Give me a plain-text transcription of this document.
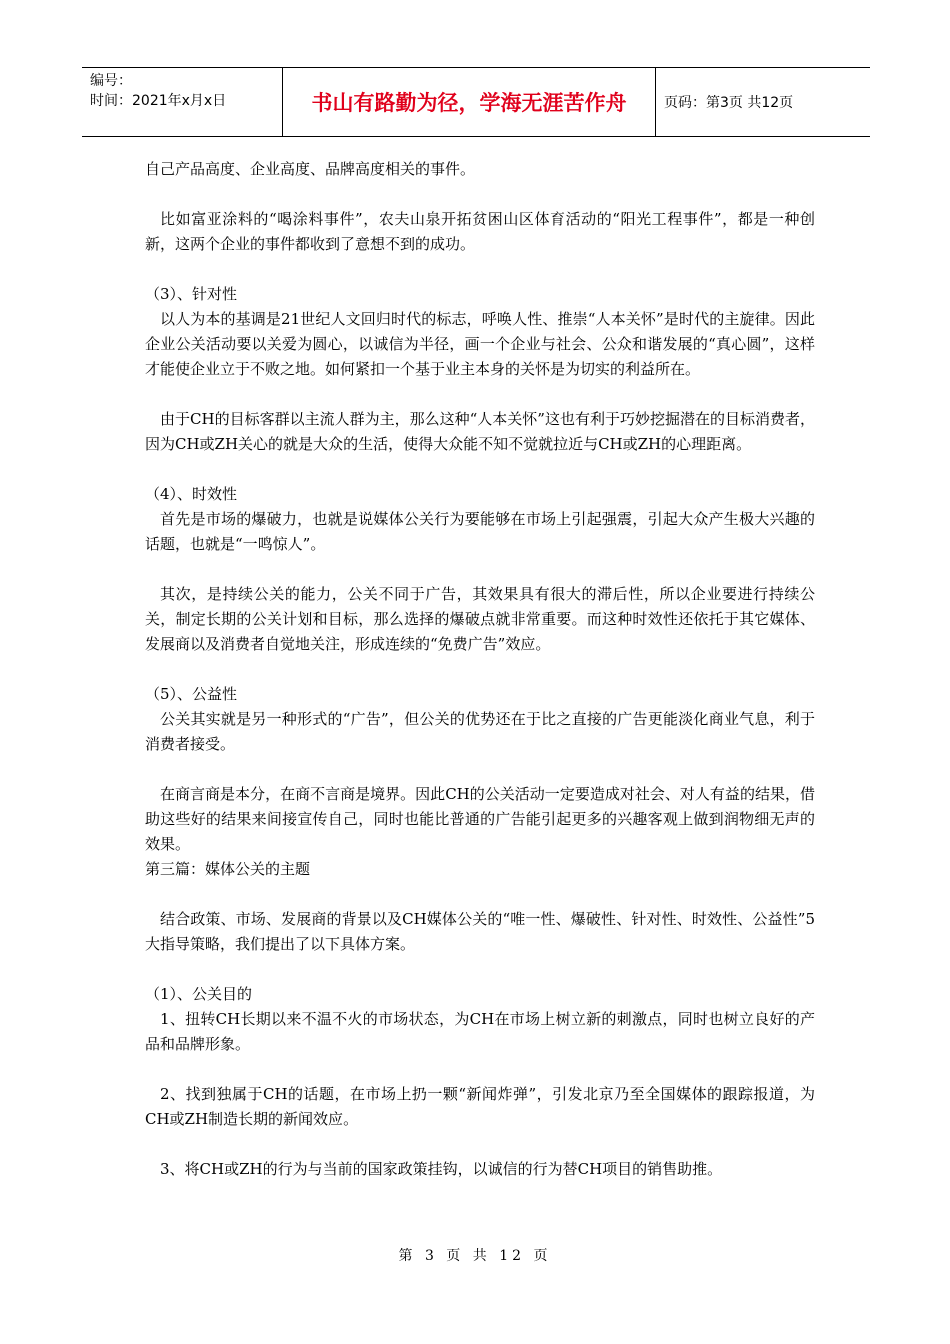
编号：
时间：2021年x月x日	书山有路勤为径，学海无涯苦作舟	页码：第3页 共12页

自己产品高度、企业高度、品牌高度相关的事件。

比如富亚涂料的“喝涂料事件”，农夫山泉开拓贫困山区体育活动的“阳光工程事件”，都是一种创新，这两个企业的事件都收到了意想不到的成功。

（3）、针对性

以人为本的基调是21世纪人文回归时代的标志，呼唤人性、推崇“人本关怀”是时代的主旋律。因此企业公关活动要以关爱为圆心，以诚信为半径，画一个企业与社会、公众和谐发展的“真心圆”，这样才能使企业立于不败之地。如何紧扣一个基于业主本身的关怀是为切实的利益所在。

由于CH的目标客群以主流人群为主，那么这种“人本关怀”这也有利于巧妙挖掘潜在的目标消费者，因为CH或ZH关心的就是大众的生活，使得大众能不知不觉就拉近与CH或ZH的心理距离。

（4）、时效性

首先是市场的爆破力，也就是说媒体公关行为要能够在市场上引起强震，引起大众产生极大兴趣的话题，也就是“一鸣惊人”。

其次，是持续公关的能力，公关不同于广告，其效果具有很大的滞后性，所以企业要进行持续公关，制定长期的公关计划和目标，那么选择的爆破点就非常重要。而这种时效性还依托于其它媒体、发展商以及消费者自觉地关注，形成连续的“免费广告”效应。

（5）、公益性

公关其实就是另一种形式的“广告”，但公关的优势还在于比之直接的广告更能淡化商业气息，利于消费者接受。

在商言商是本分，在商不言商是境界。因此CH的公关活动一定要造成对社会、对人有益的结果，借助这些好的结果来间接宣传自己，同时也能比普通的广告能引起更多的兴趣客观上做到润物细无声的效果。

第三篇：媒体公关的主题

结合政策、市场、发展商的背景以及CH媒体公关的“唯一性、爆破性、针对性、时效性、公益性”5大指导策略，我们提出了以下具体方案。

（1）、公关目的

1、扭转CH长期以来不温不火的市场状态，为CH在市场上树立新的刺激点，同时也树立良好的产品和品牌形象。

2、找到独属于CH的话题，在市场上扔一颗“新闻炸弹”，引发北京乃至全国媒体的跟踪报道，为CH或ZH制造长期的新闻效应。

3、将CH或ZH的行为与当前的国家政策挂钩，以诚信的行为替CH项目的销售助推。

第 3 页 共 12 页
